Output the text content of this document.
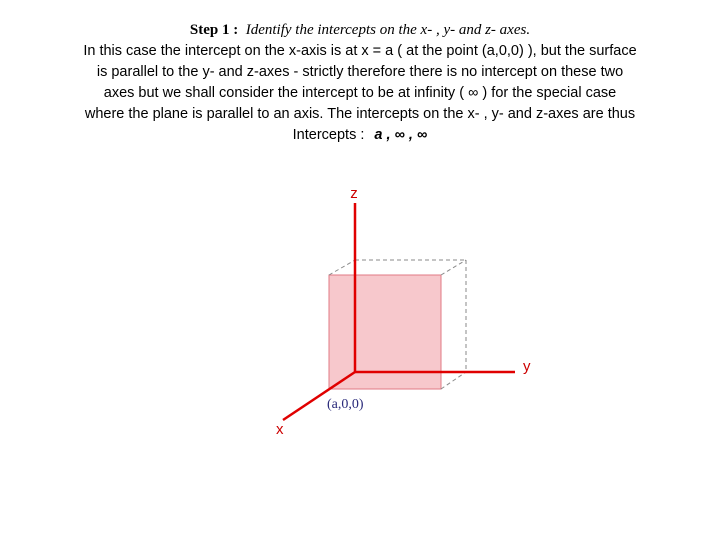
Step 1 : Identify the intercepts on the x- , y- and z- axes.
In this case the intercept on the x-axis is at x = a ( at the point (a,0,0) ), but the surface
is parallel to the y- and z-axes - strictly therefore there is no intercept on these two
axes but we shall consider the intercept to be at infinity ( ∞ ) for the special case
where the plane is parallel to an axis. The intercepts on the x- , y- and z-axes are thus
Intercepts : a , ∞ , ∞
z
y
x
(a,0,0)
